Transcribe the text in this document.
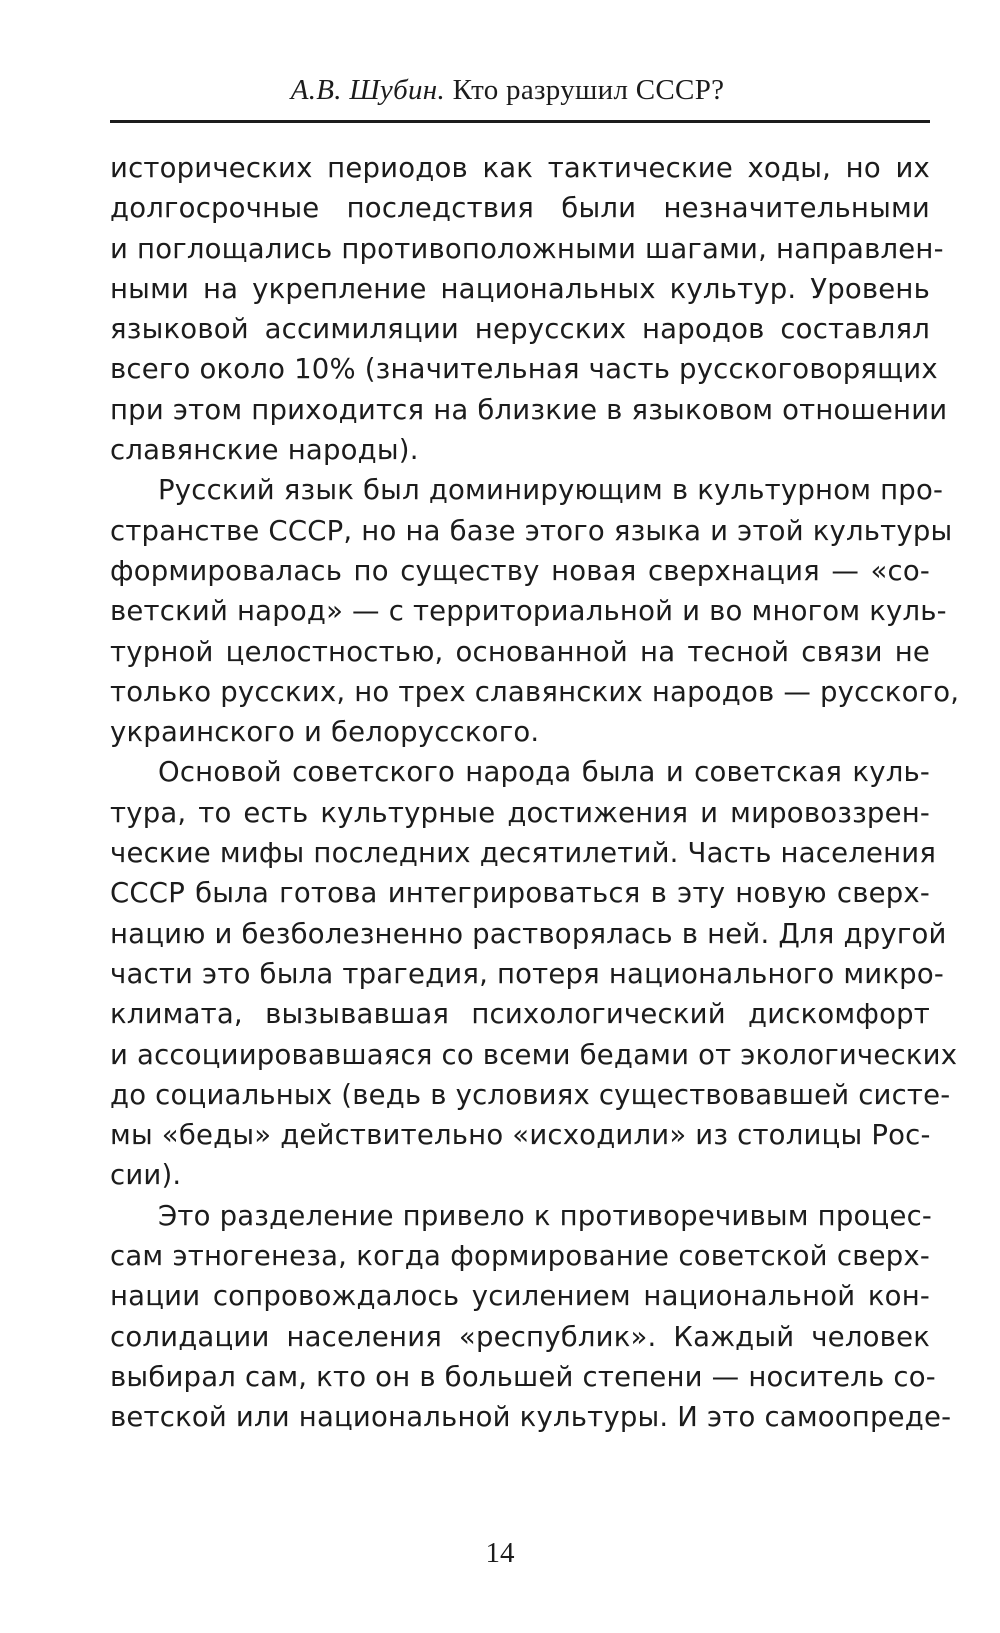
А.В. Шубин. Кто разрушил СССР?
исторических периодов как тактические ходы, но их
долгосрочные последствия были незначительными
и поглощались противоположными шагами, направлен-
ными на укрепление национальных культур. Уровень
языковой ассимиляции нерусских народов составлял
всего около 10% (значительная часть русскоговорящих
при этом приходится на близкие в языковом отношении
славянские народы).
Русский язык был доминирующим в культурном про-
странстве СССР, но на базе этого языка и этой культуры
формировалась по существу новая сверхнация — «со-
ветский народ» — с территориальной и во многом куль-
турной целостностью, основанной на тесной связи не
только русских, но трех славянских народов — русского,
украинского и белорусского.
Основой советского народа была и советская куль-
тура, то есть культурные достижения и мировоззрен-
ческие мифы последних десятилетий. Часть населения
СССР была готова интегрироваться в эту новую сверх-
нацию и безболезненно растворялась в ней. Для другой
части это была трагедия, потеря национального микро-
климата, вызывавшая психологический дискомфорт
и ассоциировавшаяся со всеми бедами от экологических
до социальных (ведь в условиях существовавшей систе-
мы «беды» действительно «исходили» из столицы Рос-
сии).
Это разделение привело к противоречивым процес-
сам этногенеза, когда формирование советской сверх-
нации сопровождалось усилением национальной кон-
солидации населения «республик». Каждый человек
выбирал сам, кто он в большей степени — носитель со-
ветской или национальной культуры. И это самоопреде-
14
